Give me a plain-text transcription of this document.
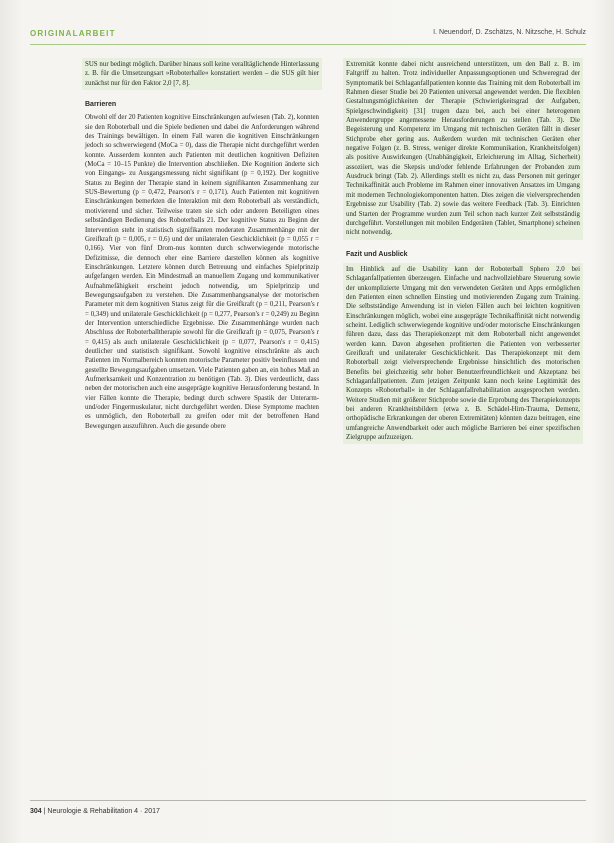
ORIGINALARBEIT	I. Neuendorf, D. Zschätzs, N. Nitzsche, H. Schulz

SUS nur bedingt möglich. Darüber hinaus soll keine veralltäglichende Hinterlassung z. B. für die Umsetzungsart »Roboterhalle« konstatiert werden – die SUS gilt hier zunächst nur für den Faktor 2,0 [7, 8].

Barrieren

Obwohl elf der 20 Patienten kognitive Einschränkungen aufwiesen (Tab. 2), konnten sie den Roboterball und die Spiele bedienen und dabei die Anforderungen während des Trainings bewältigen. In einem Fall waren die kognitiven Einschränkungen jedoch so schwerwiegend (MoCa = 0), dass die Therapie nicht durchgeführt werden konnte. Ausserdem konnten auch Patienten mit deutlichen kognitiven Defiziten (MoCa = 10–15 Punkte) die Intervention abschließen. Die Kognition änderte sich von Eingangs- zu Ausgangsmessung nicht signifikant (p = 0,192). Der kognitive Status zu Beginn der Therapie stand in keinem signifikanten Zusammenhang zur SUS-Bewertung (p = 0,472, Pearson's r = 0,171). Auch Patienten mit kognitiven Einschränkungen bemerkten die Interaktion mit dem Roboterball als verständlich, motivierend und sicher. Teilweise traten sie sich oder anderen Beteiligten eines selbständigen Bedienung des Roboterballs 21. Der kognitive Status zu Beginn der Intervention steht in statistisch signifikanten moderaten Zusammenhänge mit der Greifkraft (p = 0,005, r = 0,6) und der unilateralen Geschicklichkeit (p = 0,055 r = 0,166). Vier von fünf Drom-nus konnten durch schwerwiegende motorische Defizitnisse, die dennoch eher eine Barriere darstellen können als kognitive Einschränkungen. Letztere können durch Betreuung und einfaches Spielprinzip aufgefangen werden. Ein Mindestmaß an manuellem Zugang und kommunikativer Aufnahmefähigkeit erscheint jedoch notwendig, um Spielprinzip und Bewegungsaufgaben zu verstehen. Die Zusammenhangsanalyse der motorischen Parameter mit dem kognitiven Status zeigt für die Greifkraft (p = 0,211, Pearson's r = 0,349) und unilaterale Geschicklichkeit (p = 0,277, Pearson's r = 0,249) zu Beginn der Intervention unterschiedliche Ergebnisse. Die Zusammenhänge wurden nach Abschluss der Roboterballtherapie sowohl für die Greifkraft (p = 0,075, Pearson's r = 0,415) als auch unilaterale Geschicklichkeit (p = 0,077, Pearson's r = 0,415) deutlicher und statistisch signifikant. Sowohl kognitive einschränkte als auch Patienten im Normalbereich konnten motorische Parameter positiv beeinflussen und gestellte Bewegungsaufgaben umsetzen. Viele Patienten gaben an, ein hohes Maß an Aufmerksamkeit und Konzentration zu benötigen (Tab. 3). Dies verdeutlicht, dass neben der motorischen auch eine ausgeprägte kognitive Herausforderung bestand. In vier Fällen konnte die Therapie, bedingt durch schwere Spastik der Unterarm- und/oder Fingermuskulatur, nicht durchgeführt werden. Diese Symptome machten es unmöglich, den Roboterball zu greifen oder mit der betroffenen Hand Bewegungen auszuführen. Auch die gesunde obere

Extremität konnte dabei nicht ausreichend unterstützen, um den Ball z. B. im Faltgriff zu halten. Trotz individueller Anpassungsoptionen und Schweregrad der Symptomatik bei Schlaganfallpatienten konnte das Training mit dem Roboterball im Rahmen dieser Studie bei 20 Patienten universal angewendet werden. Die flexiblen Gestaltungsmöglichkeiten der Therapie (Schwierigkeitsgrad der Aufgaben, Spielgeschwindigkeit) [31] trugen dazu bei, auch bei einer heterogenen Anwendergruppe angemessene Herausforderungen zu stellen (Tab. 3). Die Begeisterung und Kompetenz im Umgang mit technischen Geräten fällt in dieser Stichprobe eher gering aus. Außerdem wurden mit technischen Geräten eher negative Folgen (z. B. Stress, weniger direkte Kommunikation, Krankheitsfolgen) als positive Auswirkungen (Unabhängigkeit, Erleichterung im Alltag, Sicherheit) assoziiert, was die Skepsis und/oder fehlende Erfahrungen der Probanden zum Ausdruck bringt (Tab. 2). Allerdings stellt es nicht zu, dass Personen mit geringer Technikaffinität auch Probleme im Rahmen einer innovativen Ansatzes im Umgang mit modernen Technologiekomponenten hatten. Dies zeigen die vielversprechenden Ergebnisse zur Usability (Tab. 2) sowie das weitere Feedback (Tab. 3). Einrichten und Starten der Programme wurden zum Teil schon nach kurzer Zeit selbstständig durchgeführt. Vorstellungen mit mobilen Endgeräten (Tablet, Smartphone) scheinen nicht notwendig.

Fazit und Ausblick

Im Hinblick auf die Usability kann der Roboterball Sphero 2.0 bei Schlaganfallpatienten überzeugen. Einfache und nachvollziehbare Steuerung sowie der unkomplizierte Umgang mit den verwendeten Geräten und Apps ermöglichen den Patienten einen schnellen Einstieg und motivierenden Zugang zum Training. Die selbstständige Anwendung ist in vielen Fällen auch bei leichten kognitiven Einschränkungen möglich, wobei eine ausgeprägte Technikaffinität nicht notwendig scheint. Lediglich schwerwiegende kognitive und/oder motorische Einschränkungen führen dazu, dass das Therapiekonzept mit dem Roboterball nicht angewendet werden kann. Davon abgesehen profitierten die Patienten von verbesserter Greifkraft und unilateraler Geschicklichkeit. Das Therapiekonzept mit dem Roboterball zeigt vielversprechende Ergebnisse hinsichtlich des motorischen Benefits bei gleichzeitig sehr hoher Benutzerfreundlichkeit und Akzeptanz bei Schlaganfallpatienten. Zum jetzigen Zeitpunkt kann noch keine Legitimität des Konzepts »Roboterball« in der Schlaganfallrehabilitation ausgesprochen werden. Weitere Studien mit größerer Stichprobe sowie die Erprobung des Therapiekonzepts bei anderen Krankheitsbildern (etwa z. B. Schädel-Hirn-Trauma, Demenz, orthopädische Erkrankungen der oberen Extremitäten) könnten dazu beitragen, eine umfangreiche Anwendbarkeit oder auch mögliche Barrieren bei einer spezifischen Zielgruppe aufzuzeigen.

304 | Neurologie & Rehabilitation 4 · 2017
